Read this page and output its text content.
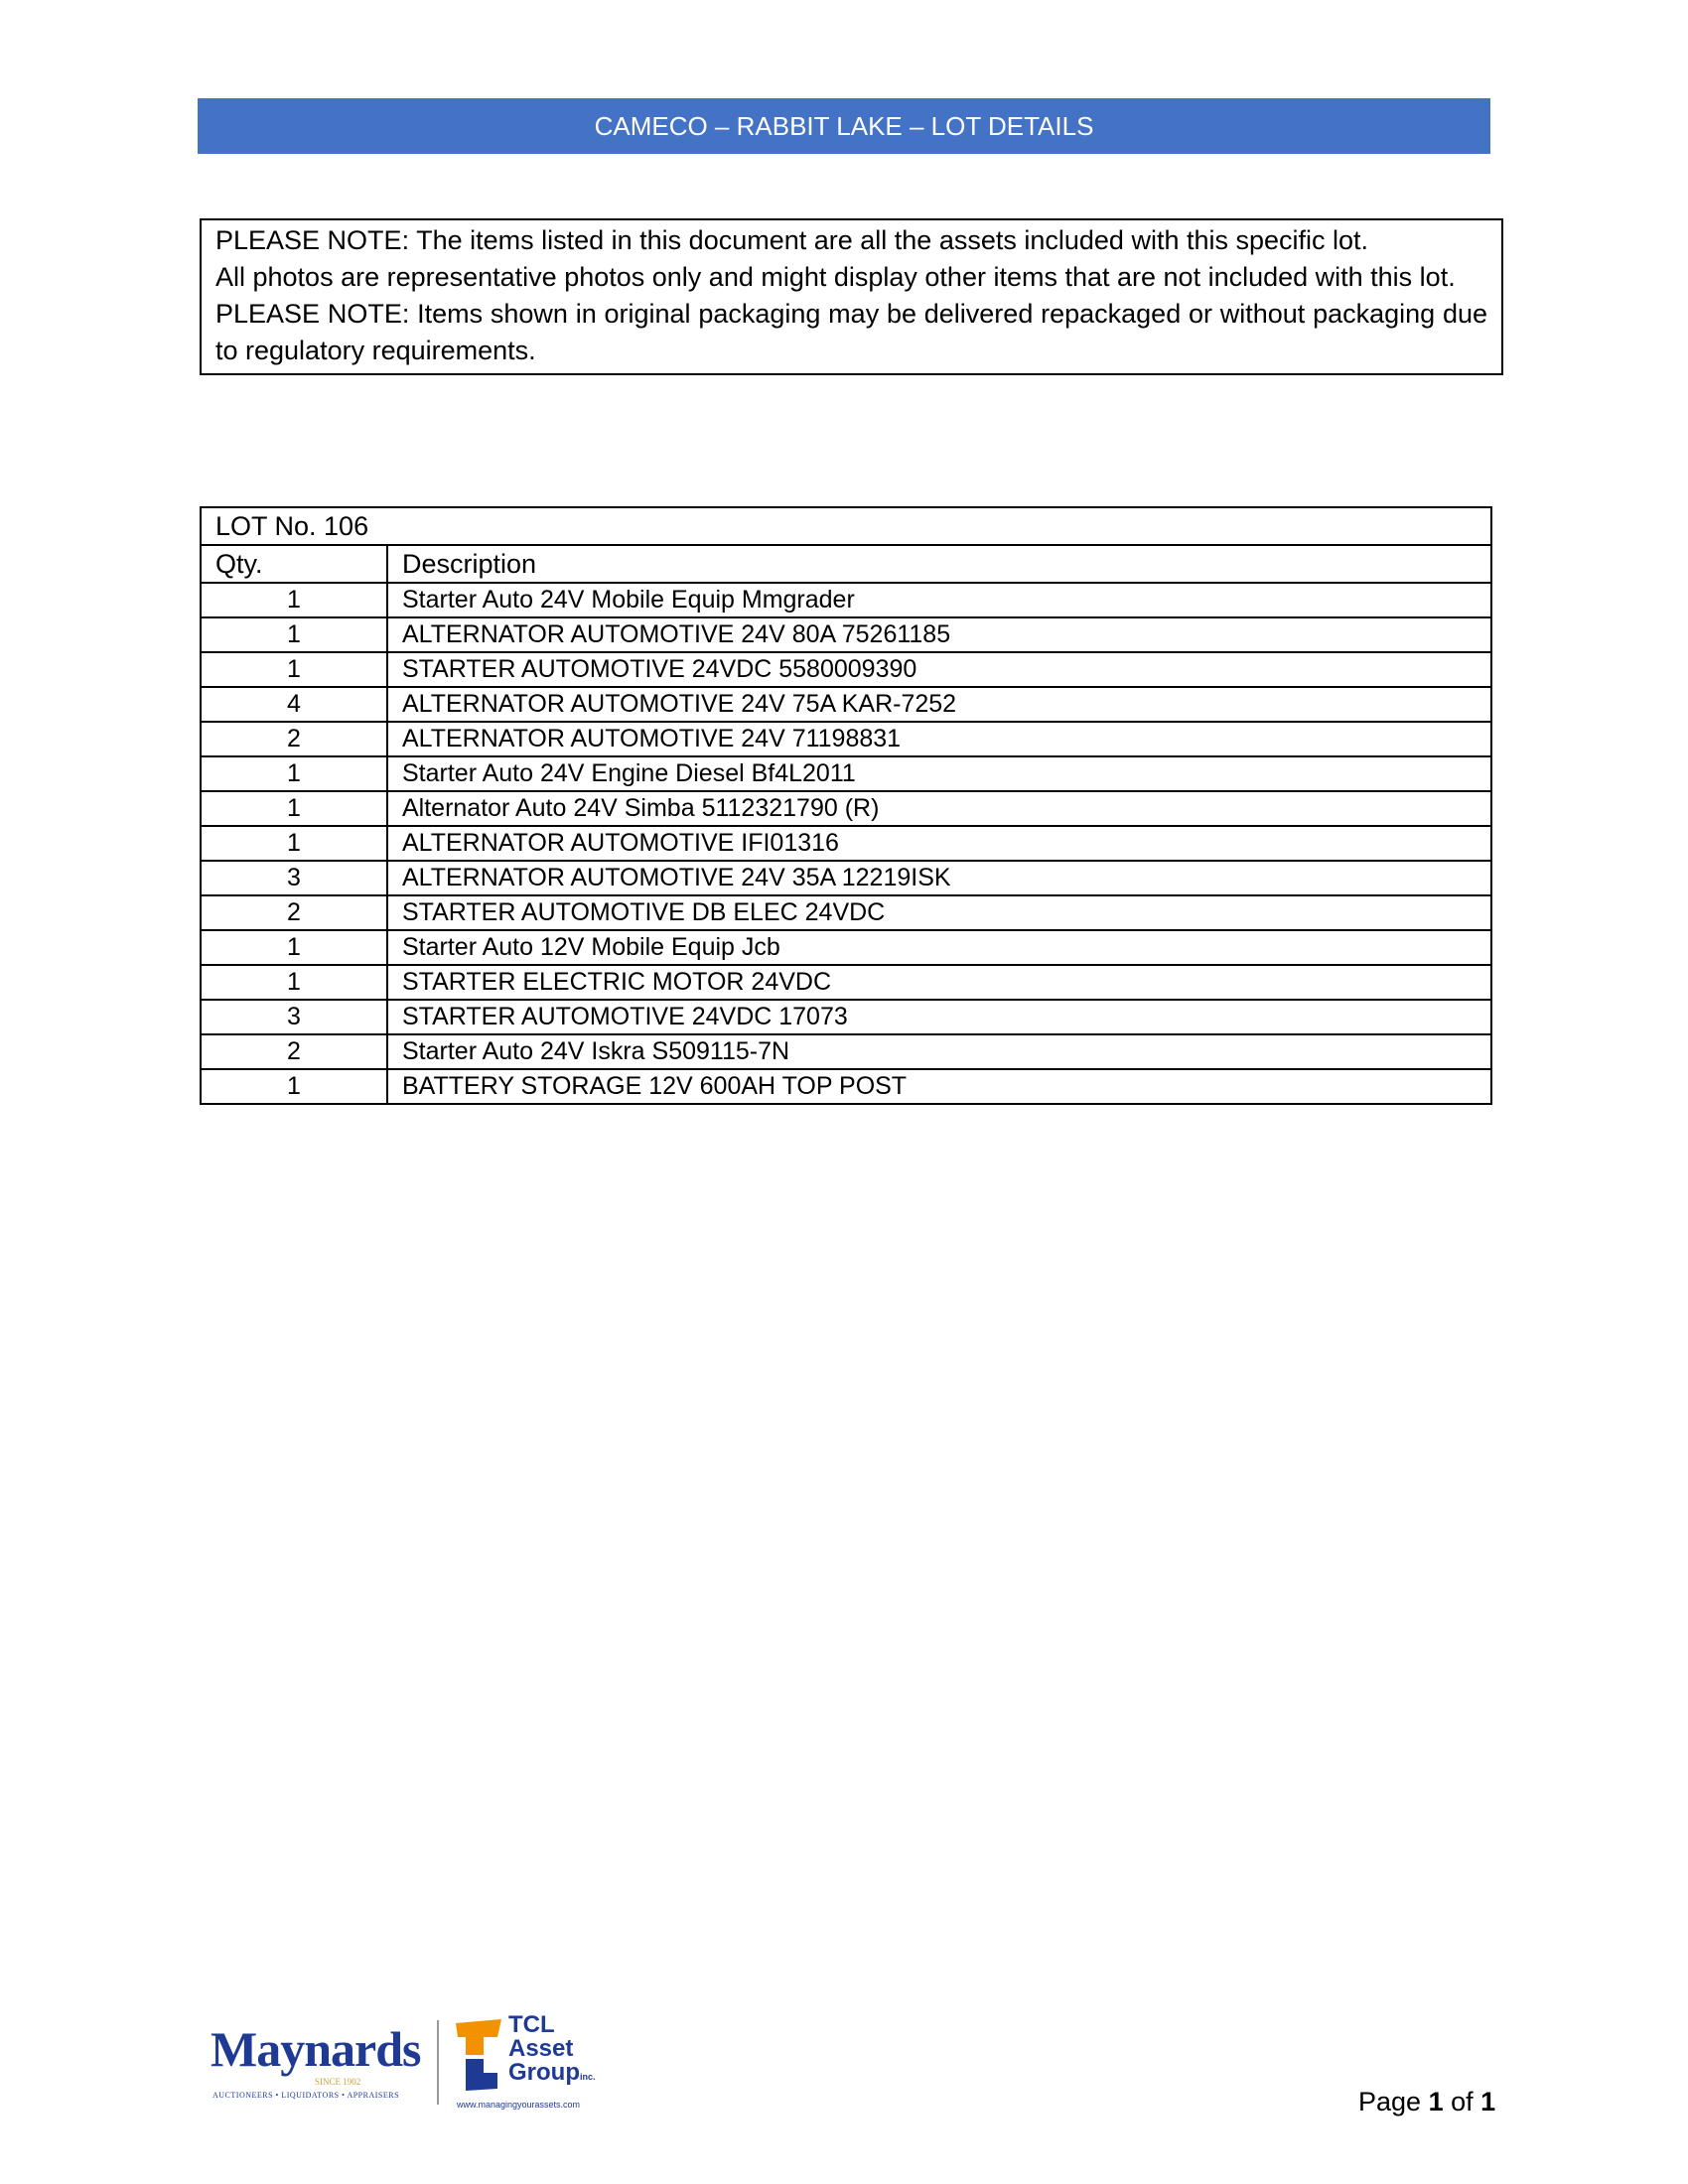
CAMECO – RABBIT LAKE – LOT DETAILS

PLEASE NOTE: The items listed in this document are all the assets included with this specific lot.

All photos are representative photos only and might display other items that are not included with this lot.

PLEASE NOTE: Items shown in original packaging may be delivered repackaged or without packaging due to regulatory requirements.

LOT No. 106	
Qty.	Description
1	Starter Auto 24V Mobile Equip Mmgrader
1	ALTERNATOR AUTOMOTIVE 24V 80A 75261185
1	STARTER AUTOMOTIVE 24VDC 5580009390
4	ALTERNATOR AUTOMOTIVE 24V 75A KAR-7252
2	ALTERNATOR AUTOMOTIVE 24V 71198831
1	Starter Auto 24V Engine Diesel Bf4L2011
1	Alternator Auto 24V Simba 5112321790 (R)
1	ALTERNATOR AUTOMOTIVE IFI01316
3	ALTERNATOR AUTOMOTIVE 24V 35A 12219ISK
2	STARTER AUTOMOTIVE DB ELEC 24VDC
1	Starter Auto 12V Mobile Equip Jcb
1	STARTER ELECTRIC MOTOR 24VDC
3	STARTER AUTOMOTIVE 24VDC 17073
2	Starter Auto 24V Iskra S509115-7N
1	BATTERY STORAGE 12V 600AH TOP POST
Maynards
SINCE 1902
AUCTIONEERS • LIQUIDATORS • APPRAISERS
TCL
Asset
Groupinc.
www.managingyourassets.com	Page 1 of 1
